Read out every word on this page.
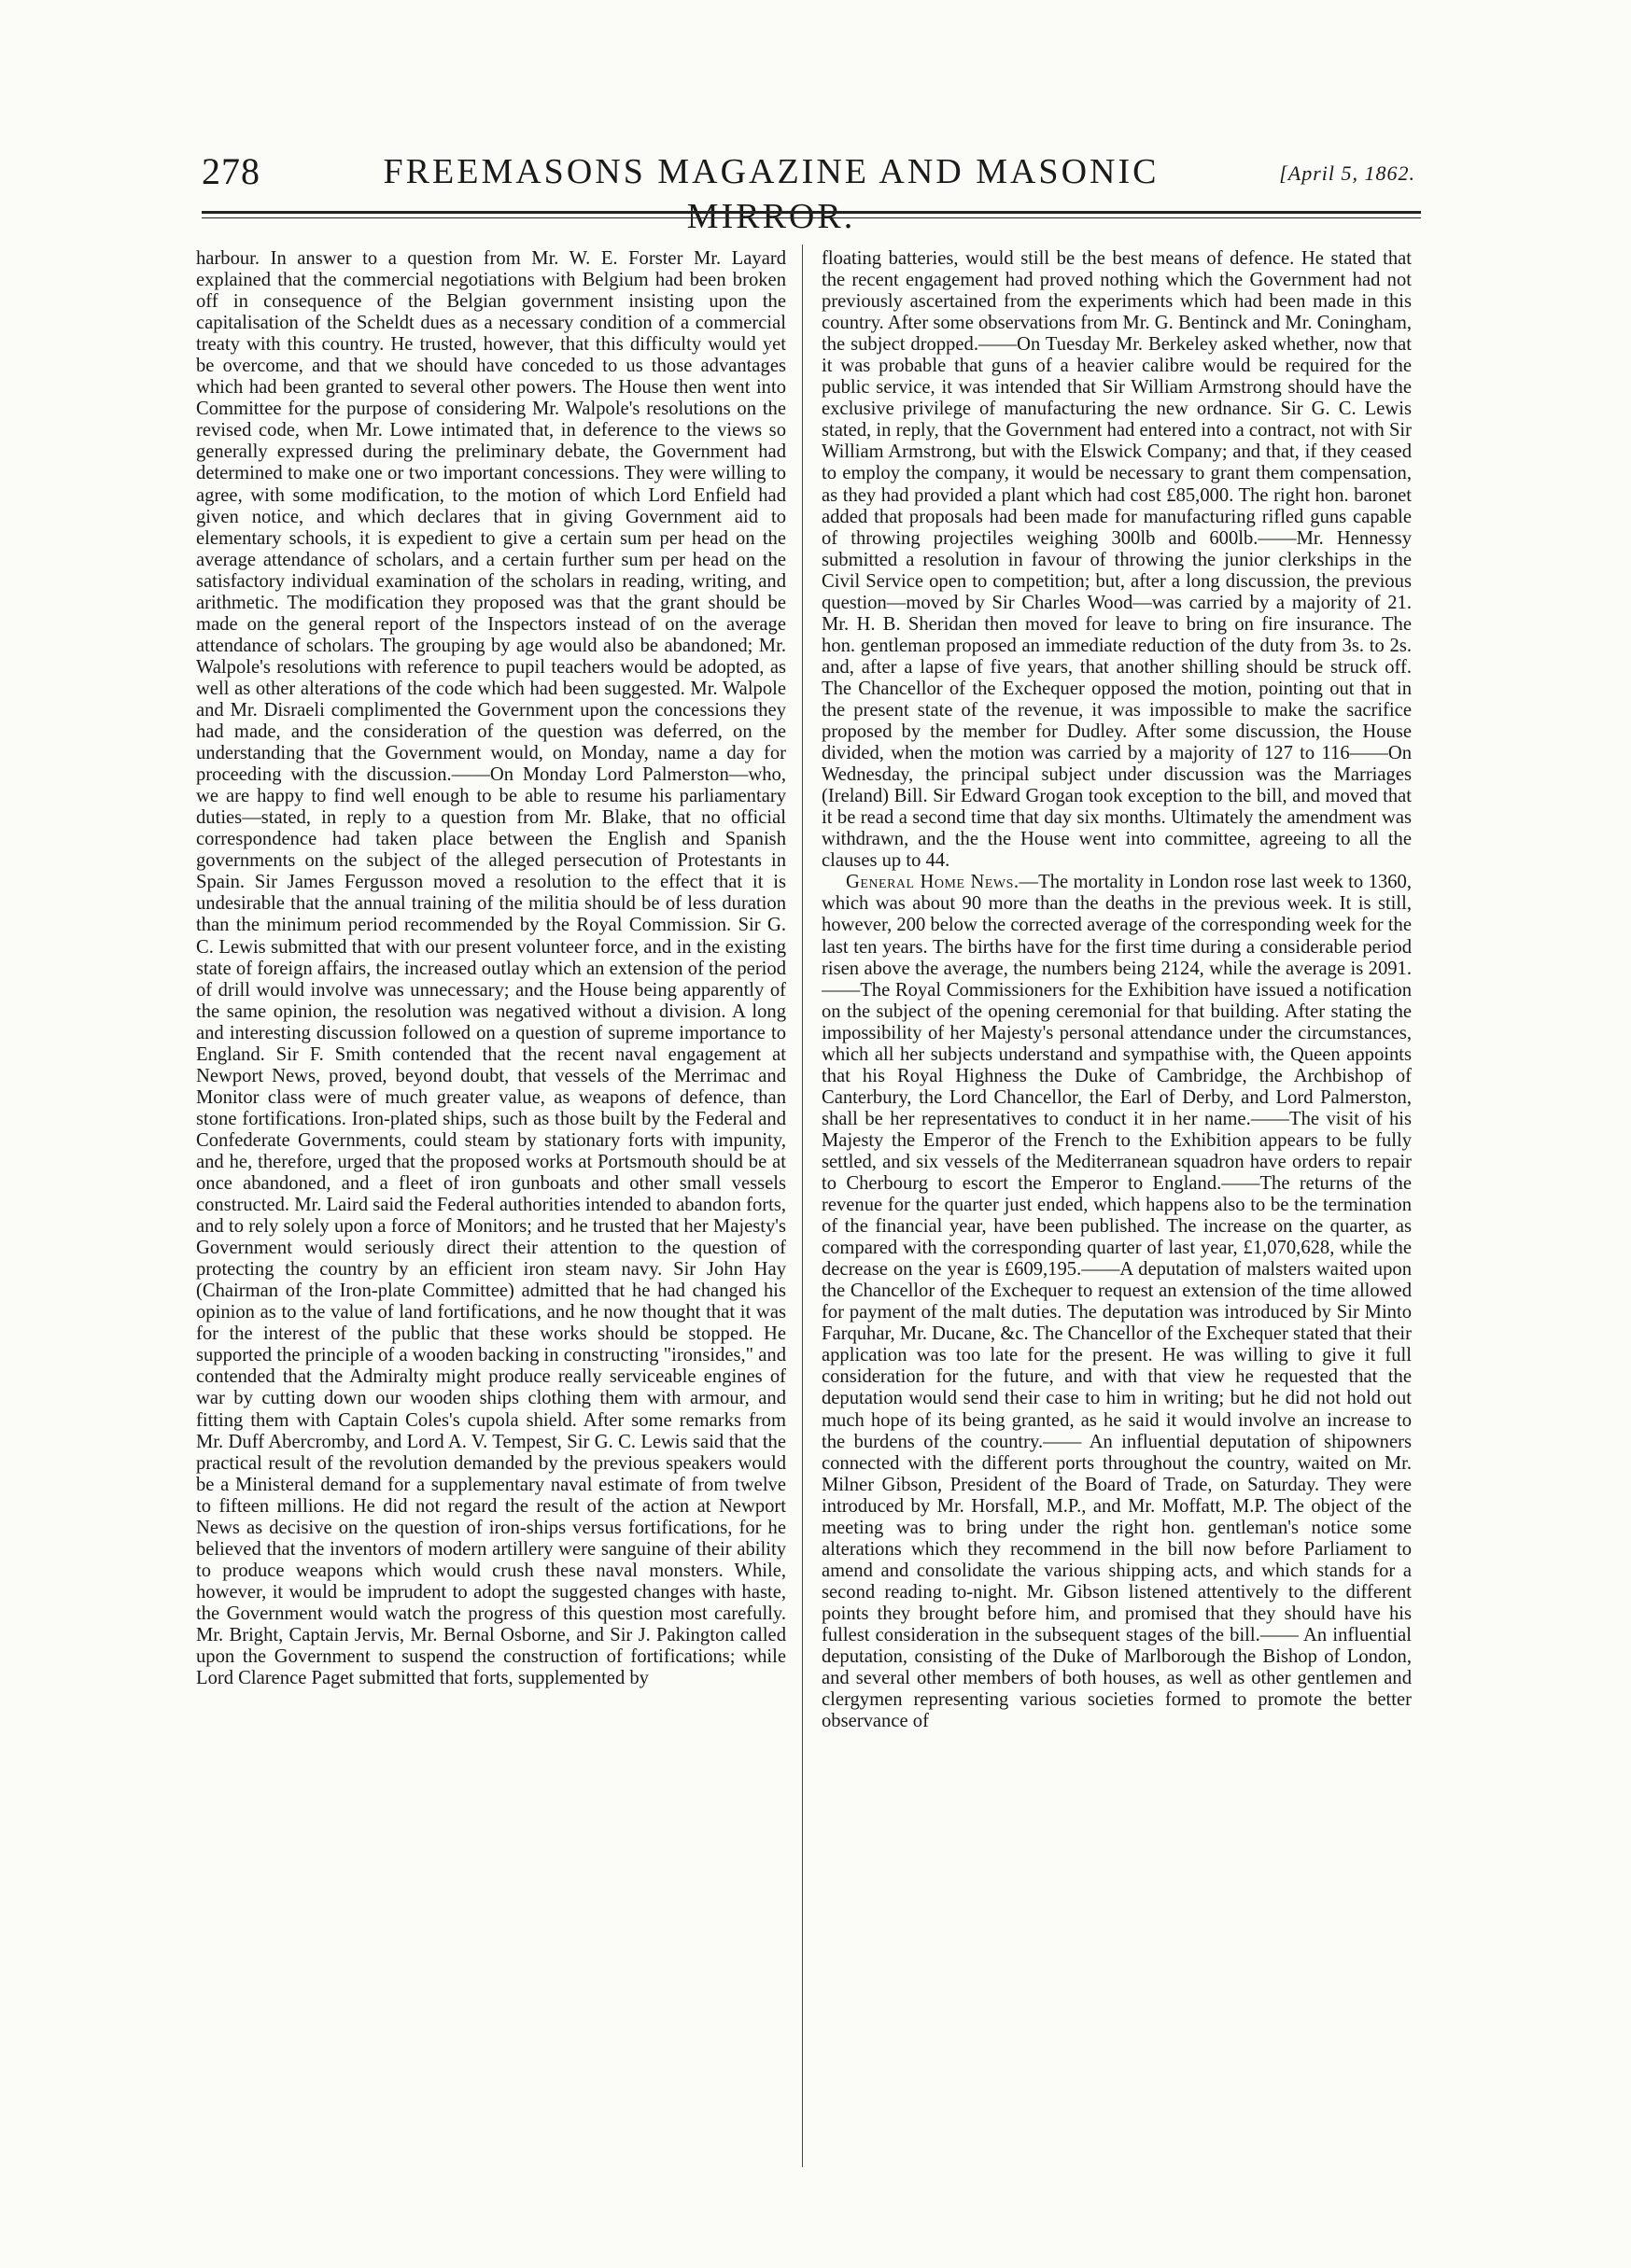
278	FREEMASONS MAGAZINE AND MASONIC MIRROR.
[April 5, 1862.

harbour. In answer to a question from Mr. W. E. Forster Mr. Layard explained that the commercial negotiations with Belgium had been broken off in consequence of the Belgian government insisting upon the capitalisation of the Scheldt dues as a necessary condition of a commercial treaty with this country. He trusted, however, that this difficulty would yet be overcome, and that we should have conceded to us those advantages which had been granted to several other powers. The House then went into Committee for the purpose of considering Mr. Walpole's resolutions on the revised code, when Mr. Lowe intimated that, in deference to the views so generally expressed during the preliminary debate, the Government had determined to make one or two important concessions. They were willing to agree, with some modification, to the motion of which Lord Enfield had given notice, and which declares that in giving Government aid to elementary schools, it is expedient to give a certain sum per head on the average attendance of scholars, and a certain further sum per head on the satisfactory individual examination of the scholars in reading, writing, and arithmetic. The modification they proposed was that the grant should be made on the general report of the Inspectors instead of on the average attendance of scholars. The grouping by age would also be abandoned; Mr. Walpole's resolutions with reference to pupil teachers would be adopted, as well as other alterations of the code which had been suggested. Mr. Walpole and Mr. Disraeli complimented the Government upon the concessions they had made, and the consideration of the question was deferred, on the understanding that the Government would, on Monday, name a day for proceeding with the discussion.——On Monday Lord Palmerston—who, we are happy to find well enough to be able to resume his parliamentary duties—stated, in reply to a question from Mr. Blake, that no official correspondence had taken place between the English and Spanish governments on the subject of the alleged persecution of Protestants in Spain. Sir James Fergusson moved a resolution to the effect that it is undesirable that the annual training of the militia should be of less duration than the minimum period recommended by the Royal Commission. Sir G. C. Lewis submitted that with our present volunteer force, and in the existing state of foreign affairs, the increased outlay which an extension of the period of drill would involve was unnecessary; and the House being apparently of the same opinion, the resolution was negatived without a division. A long and interesting discussion followed on a question of supreme importance to England. Sir F. Smith contended that the recent naval engagement at Newport News, proved, beyond doubt, that vessels of the Merrimac and Monitor class were of much greater value, as weapons of defence, than stone fortifications. Iron-plated ships, such as those built by the Federal and Confederate Governments, could steam by stationary forts with impunity, and he, therefore, urged that the proposed works at Portsmouth should be at once abandoned, and a fleet of iron gunboats and other small vessels constructed. Mr. Laird said the Federal authorities intended to abandon forts, and to rely solely upon a force of Monitors; and he trusted that her Majesty's Government would seriously direct their attention to the question of protecting the country by an efficient iron steam navy. Sir John Hay (Chairman of the Iron-plate Committee) admitted that he had changed his opinion as to the value of land fortifications, and he now thought that it was for the interest of the public that these works should be stopped. He supported the principle of a wooden backing in constructing "ironsides," and contended that the Admiralty might produce really serviceable engines of war by cutting down our wooden ships clothing them with armour, and fitting them with Captain Coles's cupola shield. After some remarks from Mr. Duff Abercromby, and Lord A. V. Tempest, Sir G. C. Lewis said that the practical result of the revolution demanded by the previous speakers would be a Ministeral demand for a supplementary naval estimate of from twelve to fifteen millions. He did not regard the result of the action at Newport News as decisive on the question of iron-ships versus fortifications, for he believed that the inventors of modern artillery were sanguine of their ability to produce weapons which would crush these naval monsters. While, however, it would be imprudent to adopt the suggested changes with haste, the Government would watch the progress of this question most carefully. Mr. Bright, Captain Jervis, Mr. Bernal Osborne, and Sir J. Pakington called upon the Government to suspend the construction of fortifications; while Lord Clarence Paget submitted that forts, supplemented by

floating batteries, would still be the best means of defence. He stated that the recent engagement had proved nothing which the Government had not previously ascertained from the experiments which had been made in this country. After some observations from Mr. G. Bentinck and Mr. Coningham, the subject dropped.——On Tuesday Mr. Berkeley asked whether, now that it was probable that guns of a heavier calibre would be required for the public service, it was intended that Sir William Armstrong should have the exclusive privilege of manufacturing the new ordnance. Sir G. C. Lewis stated, in reply, that the Government had entered into a contract, not with Sir William Armstrong, but with the Elswick Company; and that, if they ceased to employ the company, it would be necessary to grant them compensation, as they had provided a plant which had cost £85,000. The right hon. baronet added that proposals had been made for manufacturing rifled guns capable of throwing projectiles weighing 300lb and 600lb.——Mr. Hennessy submitted a resolution in favour of throwing the junior clerkships in the Civil Service open to competition; but, after a long discussion, the previous question—moved by Sir Charles Wood—was carried by a majority of 21. Mr. H. B. Sheridan then moved for leave to bring on fire insurance. The hon. gentleman proposed an immediate reduction of the duty from 3s. to 2s. and, after a lapse of five years, that another shilling should be struck off. The Chancellor of the Exchequer opposed the motion, pointing out that in the present state of the revenue, it was impossible to make the sacrifice proposed by the member for Dudley. After some discussion, the House divided, when the motion was carried by a majority of 127 to 116——On Wednesday, the principal subject under discussion was the Marriages (Ireland) Bill. Sir Edward Grogan took exception to the bill, and moved that it be read a second time that day six months. Ultimately the amendment was withdrawn, and the the House went into committee, agreeing to all the clauses up to 44.

General Home News.—The mortality in London rose last week to 1360, which was about 90 more than the deaths in the previous week. It is still, however, 200 below the corrected average of the corresponding week for the last ten years. The births have for the first time during a considerable period risen above the average, the numbers being 2124, while the average is 2091.——The Royal Commissioners for the Exhibition have issued a notification on the subject of the opening ceremonial for that building. After stating the impossibility of her Majesty's personal attendance under the circumstances, which all her subjects understand and sympathise with, the Queen appoints that his Royal Highness the Duke of Cambridge, the Archbishop of Canterbury, the Lord Chancellor, the Earl of Derby, and Lord Palmerston, shall be her representatives to conduct it in her name.——The visit of his Majesty the Emperor of the French to the Exhibition appears to be fully settled, and six vessels of the Mediterranean squadron have orders to repair to Cherbourg to escort the Emperor to England.——The returns of the revenue for the quarter just ended, which happens also to be the termination of the financial year, have been published. The increase on the quarter, as compared with the corresponding quarter of last year, £1,070,628, while the decrease on the year is £609,195.——A deputation of malsters waited upon the Chancellor of the Exchequer to request an extension of the time allowed for payment of the malt duties. The deputation was introduced by Sir Minto Farquhar, Mr. Ducane, &c. The Chancellor of the Exchequer stated that their application was too late for the present. He was willing to give it full consideration for the future, and with that view he requested that the deputation would send their case to him in writing; but he did not hold out much hope of its being granted, as he said it would involve an increase to the burdens of the country.—— An influential deputation of shipowners connected with the different ports throughout the country, waited on Mr. Milner Gibson, President of the Board of Trade, on Saturday. They were introduced by Mr. Horsfall, M.P., and Mr. Moffatt, M.P. The object of the meeting was to bring under the right hon. gentleman's notice some alterations which they recommend in the bill now before Parliament to amend and consolidate the various shipping acts, and which stands for a second reading to-night. Mr. Gibson listened attentively to the different points they brought before him, and promised that they should have his fullest consideration in the subsequent stages of the bill.—— An influential deputation, consisting of the Duke of Marlborough the Bishop of London, and several other members of both houses, as well as other gentlemen and clergymen representing various societies formed to promote the better observance of
